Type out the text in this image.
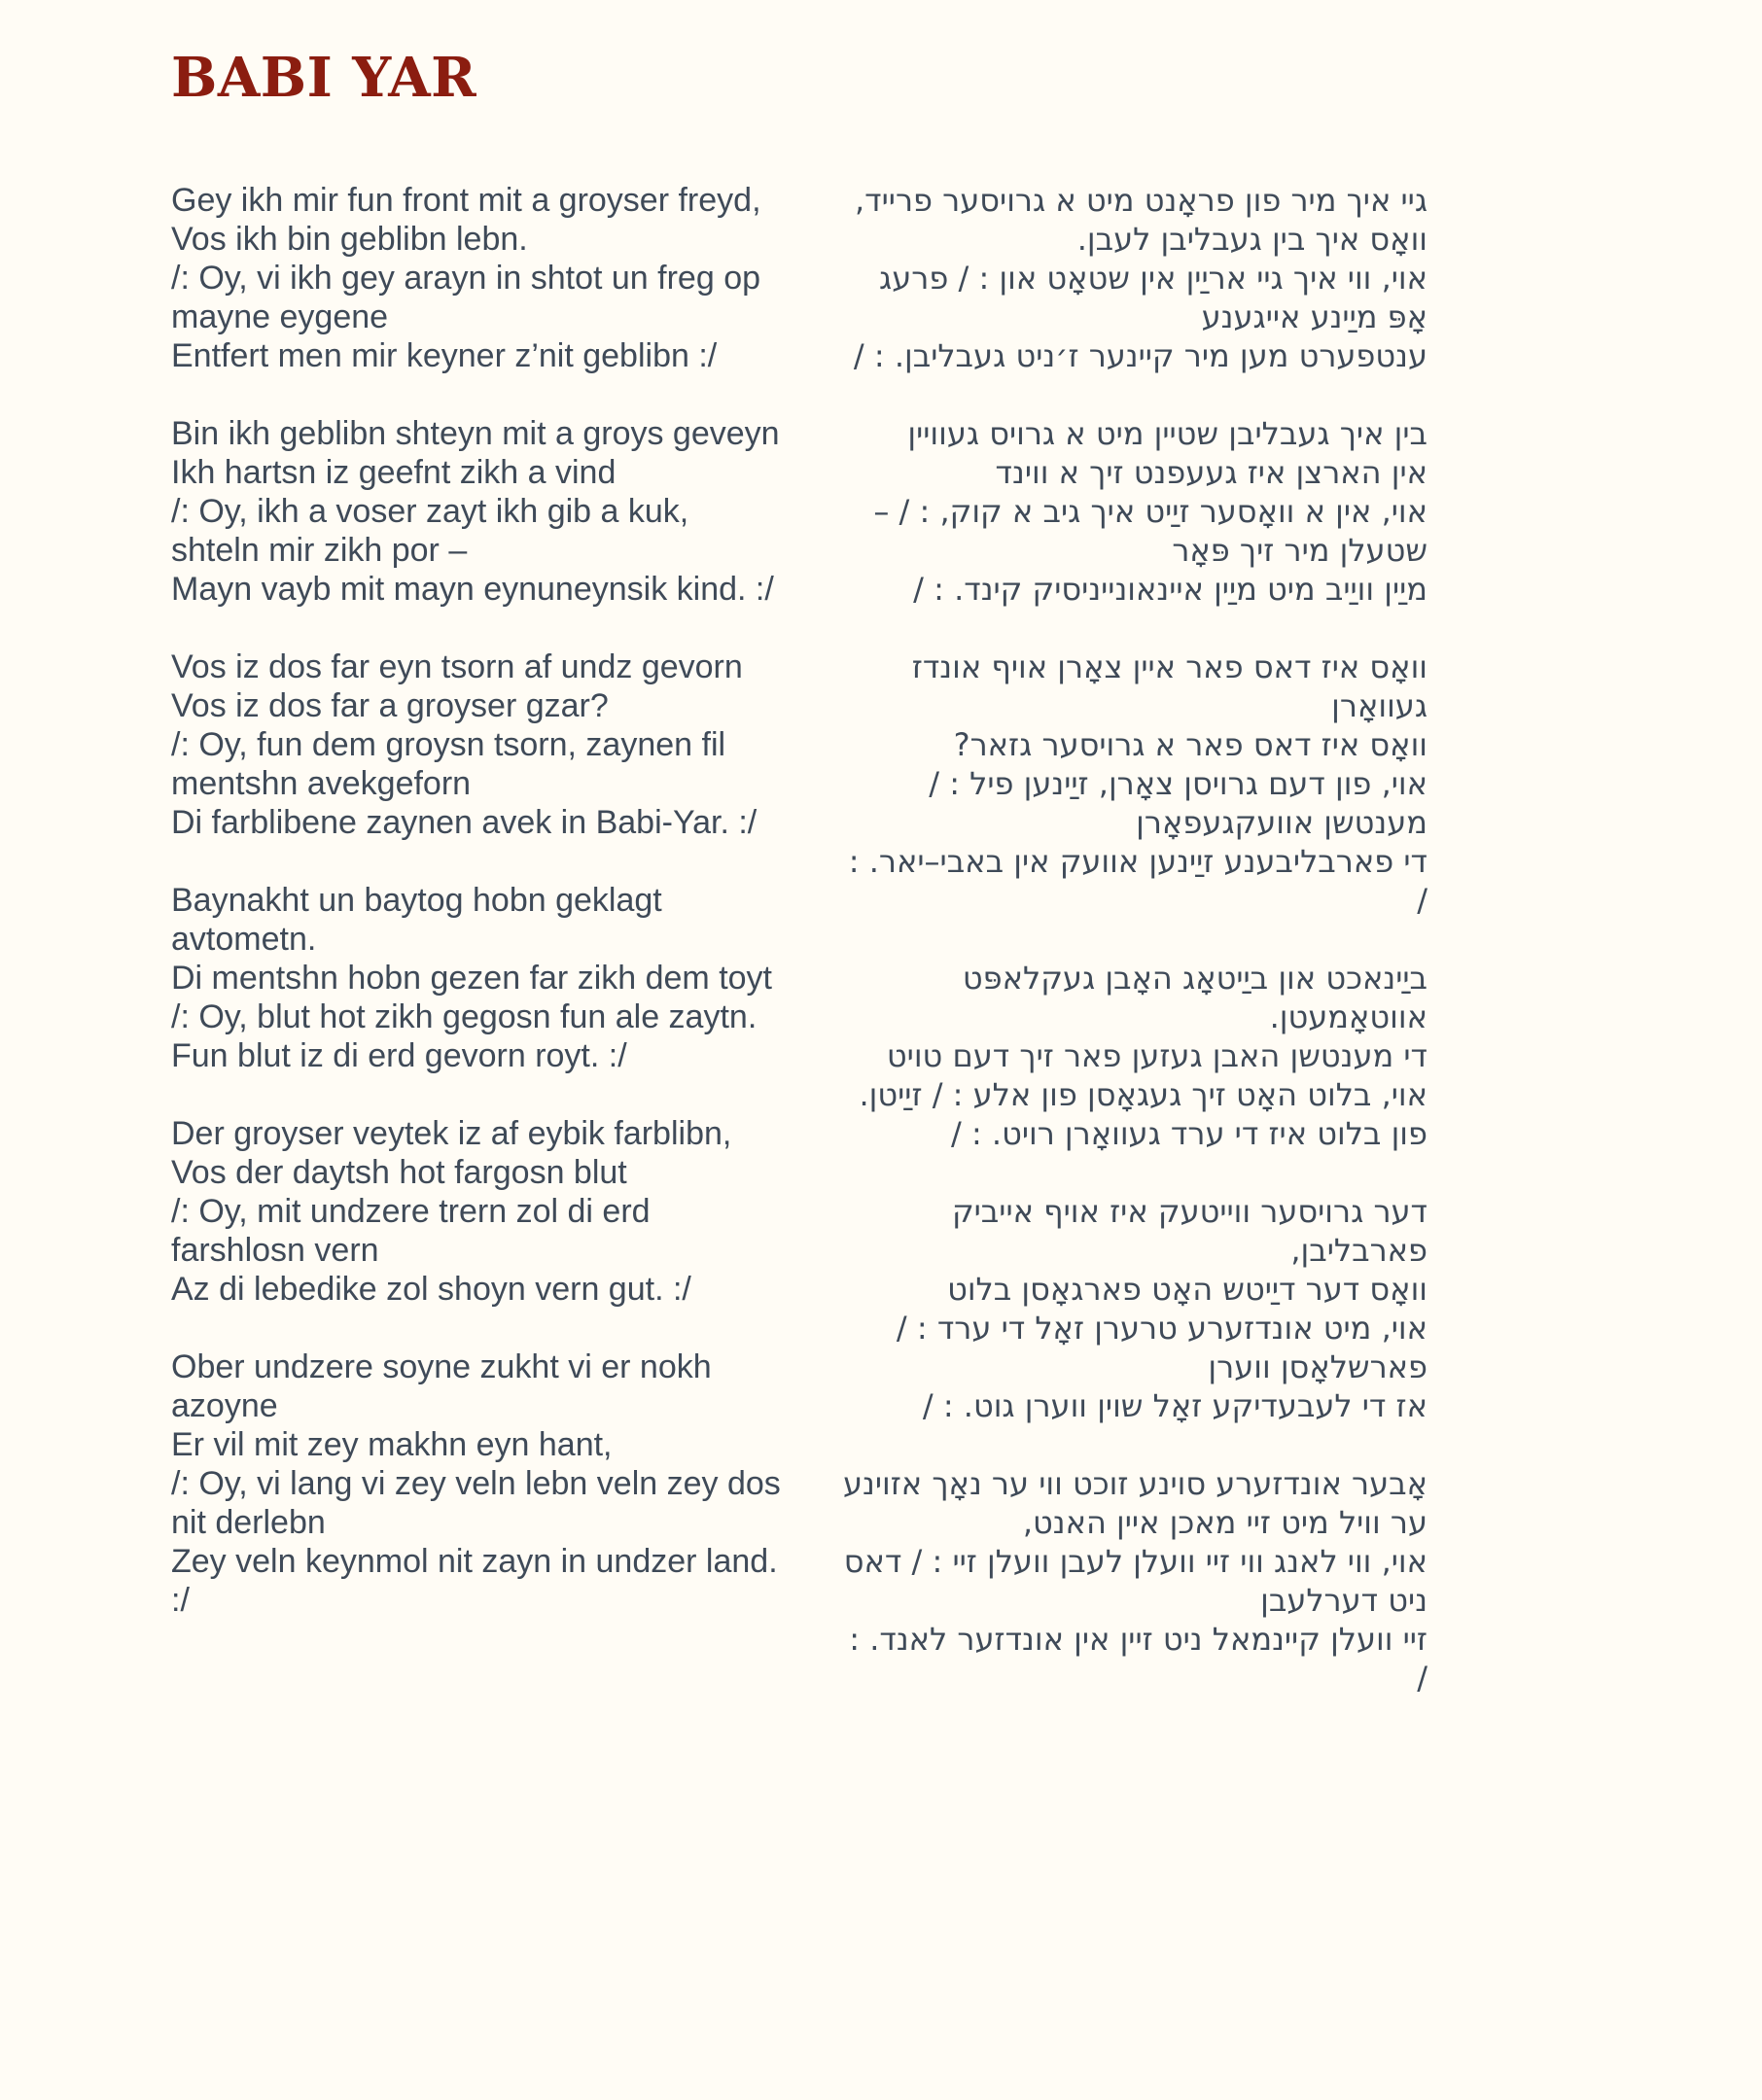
BABI YAR

Gey ikh mir fun front mit a groyser freyd,
Vos ikh bin geblibn lebn.
/: Oy, vi ikh gey arayn in shtot un freg op mayne eygene
Entfert men mir keyner z’nit geblibn :/

Bin ikh geblibn shteyn mit a groys geveyn
Ikh hartsn iz geefnt zikh a vind
/: Oy, ikh a voser zayt ikh gib a kuk, shteln mir zikh por –
Mayn vayb mit mayn eynuneynsik kind. :/

Vos iz dos far eyn tsorn af undz gevorn
Vos iz dos far a groyser gzar?
/: Oy, fun dem groysn tsorn, zaynen fil mentshn avekgeforn
Di farblibene zaynen avek in Babi-Yar. :/

Baynakht un baytog hobn geklagt avtometn.
Di mentshn hobn gezen far zikh dem toyt
/: Oy, blut hot zikh gegosn fun ale zaytn.
Fun blut iz di erd gevorn royt. :/

Der groyser veytek iz af eybik farblibn,
Vos der daytsh hot fargosn blut
/: Oy, mit undzere trern zol di erd farshlosn vern
Az di lebedike zol shoyn vern gut. :/

Ober undzere soyne zukht vi er nokh azoyne
Er vil mit zey makhn eyn hant,
/: Oy, vi lang vi zey veln lebn veln zey dos nit derlebn
Zey veln keynmol nit zayn in undzer land. :/

גיי איך מיר פון פראָנט מיט א גרויסער פרייד,
וואָס איך בין געבליבן לעבן.
אוי, ווי איך גיי אריַין אין שטאָט און : / פרעג אָפּ מיַינע אייגענע
ענטפערט מען מיר קיינער ז׳ניט געבליבן. : /

בין איך געבליבן שטיין מיט א גרויס געוויין
אין הארצן איז געעפנט זיך א ווינד
אוי, אין א וואָסער זיַיט איך גיב א קוק, : / – שטעלן מיר זיך פּאָר
מיַין וויַיב מיט מיַין איינאונייניסיק קינד. : /

וואָס איז דאס פאר איין צאָרן אויף אונדז געוואָרן
וואָס איז דאס פאר א גרויסער גזאר?
אוי, פון דעם גרויסן צאָרן, זיַינען פיל : / מענטשן אוועקגעפאָרן
די פארבליבענע זיַינען אוועק אין באבי–יאר. : /

ביַינאכט און ביַיטאָג האָבן געקלאפּט אווטאָמעטן.
די מענטשן האבן געזען פאר זיך דעם טויט
אוי, בלוט האָט זיך געגאָסן פון אלע : / זיַיטן.
פון בלוט איז די ערד געוואָרן רויט. : /

דער גרויסער ווייטעק איז אויף אייביק פארבליבן,
וואָס דער דיַיטש האָט פארגאָסן בלוט
אוי, מיט אונדזערע טרערן זאָל די ערד : / פארשלאָסן ווערן
אז די לעבעדיקע זאָל שוין ווערן גוט. : /

אָבער אונדזערע סוינע זוכט ווי ער נאָך אזוינע
ער וויל מיט זיי מאכן איין האנט,
אוי, ווי לאנג ווי זיי וועלן לעבן וועלן זיי : / דאס ניט דערלעבן
זיי וועלן קיינמאל ניט זיין אין אונדזער לאנד. : /
